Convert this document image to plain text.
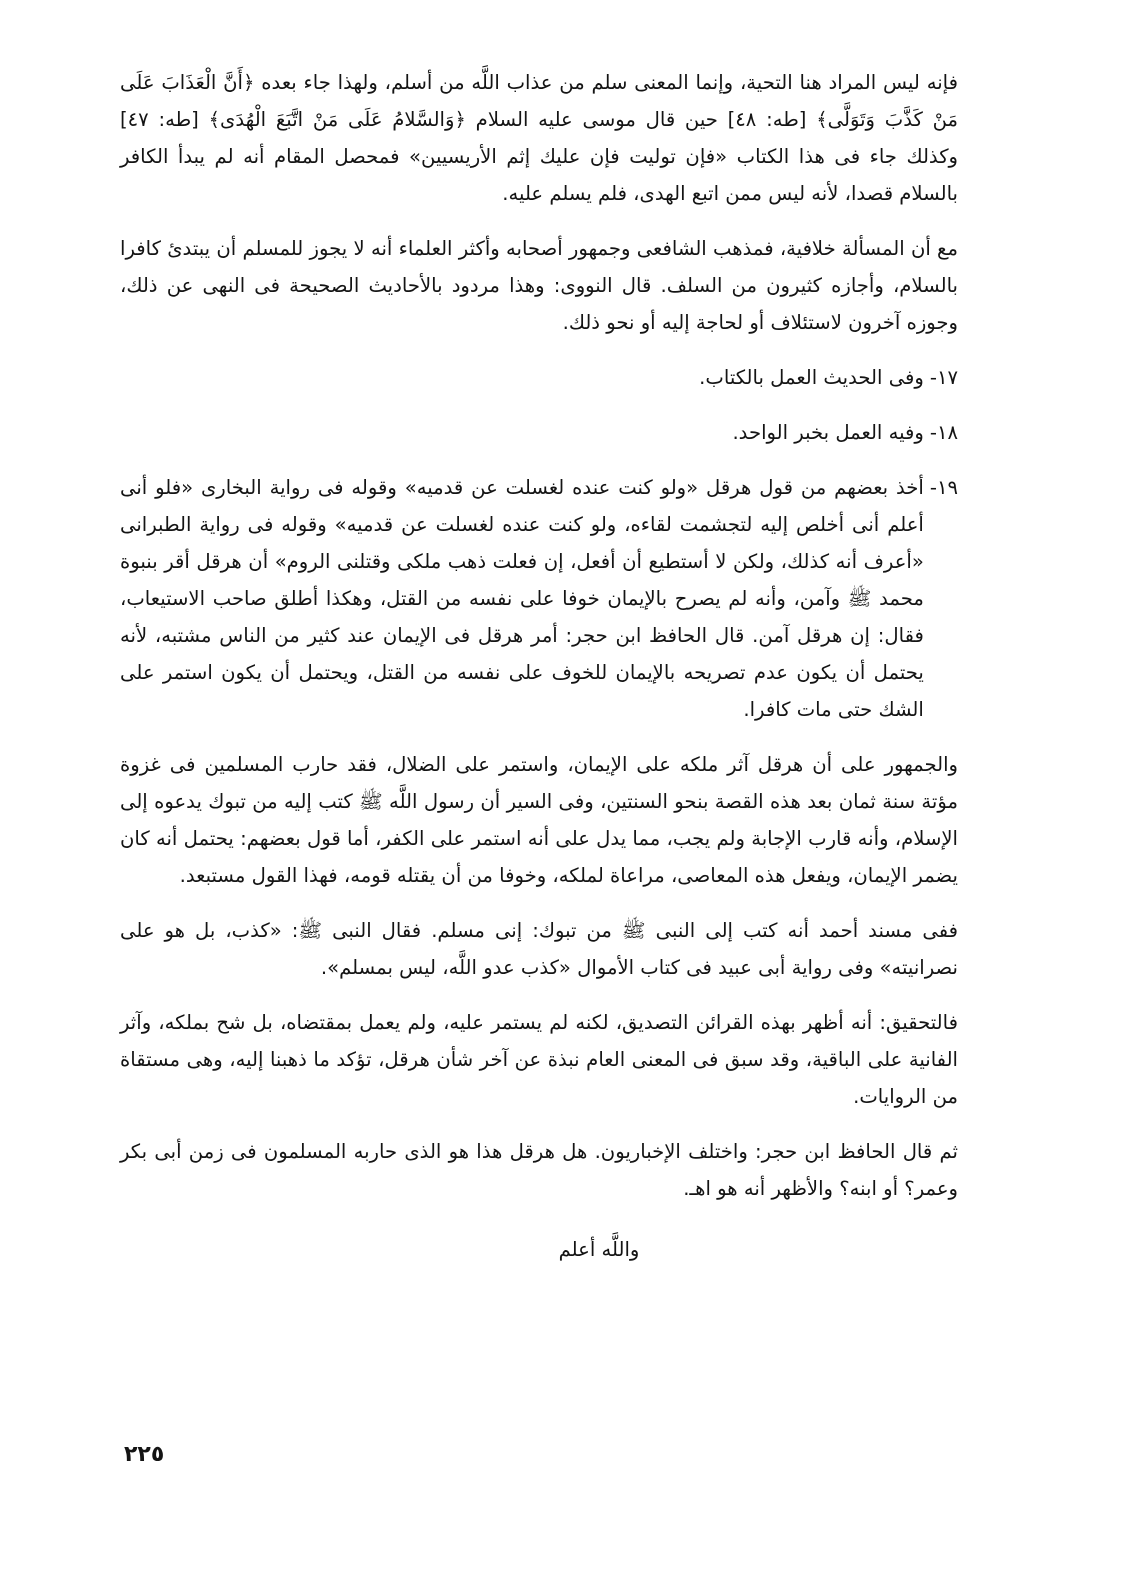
فإنه ليس المراد هنا التحية، وإنما المعنى سلم من عذاب اللَّه من أسلم، ولهذا جاء بعده ﴿أَنَّ الْعَذَابَ عَلَى مَنْ كَذَّبَ وَتَوَلَّى﴾ [طه: ٤٨] حين قال موسى عليه السلام ﴿وَالسَّلامُ عَلَى مَنْ اتَّبَعَ الْهُدَى﴾ [طه: ٤٧] وكذلك جاء فى هذا الكتاب «فإن توليت فإن عليك إثم الأريسيين» فمحصل المقام أنه لم يبدأ الكافر بالسلام قصدا، لأنه ليس ممن اتبع الهدى، فلم يسلم عليه.

مع أن المسألة خلافية، فمذهب الشافعى وجمهور أصحابه وأكثر العلماء أنه لا يجوز للمسلم أن يبتدئ كافرا بالسلام، وأجازه كثيرون من السلف. قال النووى: وهذا مردود بالأحاديث الصحيحة فى النهى عن ذلك، وجوزه آخرون لاستئلاف أو لحاجة إليه أو نحو ذلك.

١٧-
وفى الحديث العمل بالكتاب.
١٨-
وفيه العمل بخبر الواحد.
١٩-
أخذ بعضهم من قول هرقل «ولو كنت عنده لغسلت عن قدميه» وقوله فى رواية البخارى «فلو أنى أعلم أنى أخلص إليه لتجشمت لقاءه، ولو كنت عنده لغسلت عن قدميه» وقوله فى رواية الطبرانى «أعرف أنه كذلك، ولكن لا أستطيع أن أفعل، إن فعلت ذهب ملكى وقتلنى الروم» أن هرقل أقر بنبوة محمد ﷺ وآمن، وأنه لم يصرح بالإيمان خوفا على نفسه من القتل، وهكذا أطلق صاحب الاستيعاب، فقال: إن هرقل آمن. قال الحافظ ابن حجر: أمر هرقل فى الإيمان عند كثير من الناس مشتبه، لأنه يحتمل أن يكون عدم تصريحه بالإيمان للخوف على نفسه من القتل، ويحتمل أن يكون استمر على الشك حتى مات كافرا.

والجمهور على أن هرقل آثر ملكه على الإيمان، واستمر على الضلال، فقد حارب المسلمين فى غزوة مؤتة سنة ثمان بعد هذه القصة بنحو السنتين، وفى السير أن رسول اللَّه ﷺ كتب إليه من تبوك يدعوه إلى الإسلام، وأنه قارب الإجابة ولم يجب، مما يدل على أنه استمر على الكفر، أما قول بعضهم: يحتمل أنه كان يضمر الإيمان، ويفعل هذه المعاصى، مراعاة لملكه، وخوفا من أن يقتله قومه، فهذا القول مستبعد.

ففى مسند أحمد أنه كتب إلى النبى ﷺ من تبوك: إنى مسلم. فقال النبى ﷺ: «كذب، بل هو على نصرانيته» وفى رواية أبى عبيد فى كتاب الأموال «كذب عدو اللَّه، ليس بمسلم».

فالتحقيق: أنه أظهر بهذه القرائن التصديق، لكنه لم يستمر عليه، ولم يعمل بمقتضاه، بل شح بملكه، وآثر الفانية على الباقية، وقد سبق فى المعنى العام نبذة عن آخر شأن هرقل، تؤكد ما ذهبنا إليه، وهى مستقاة من الروايات.

ثم قال الحافظ ابن حجر: واختلف الإخباريون. هل هرقل هذا هو الذى حاربه المسلمون فى زمن أبى بكر وعمر؟ أو ابنه؟ والأظهر أنه هو اهـ.

واللَّه أعلم
٢٢٥
